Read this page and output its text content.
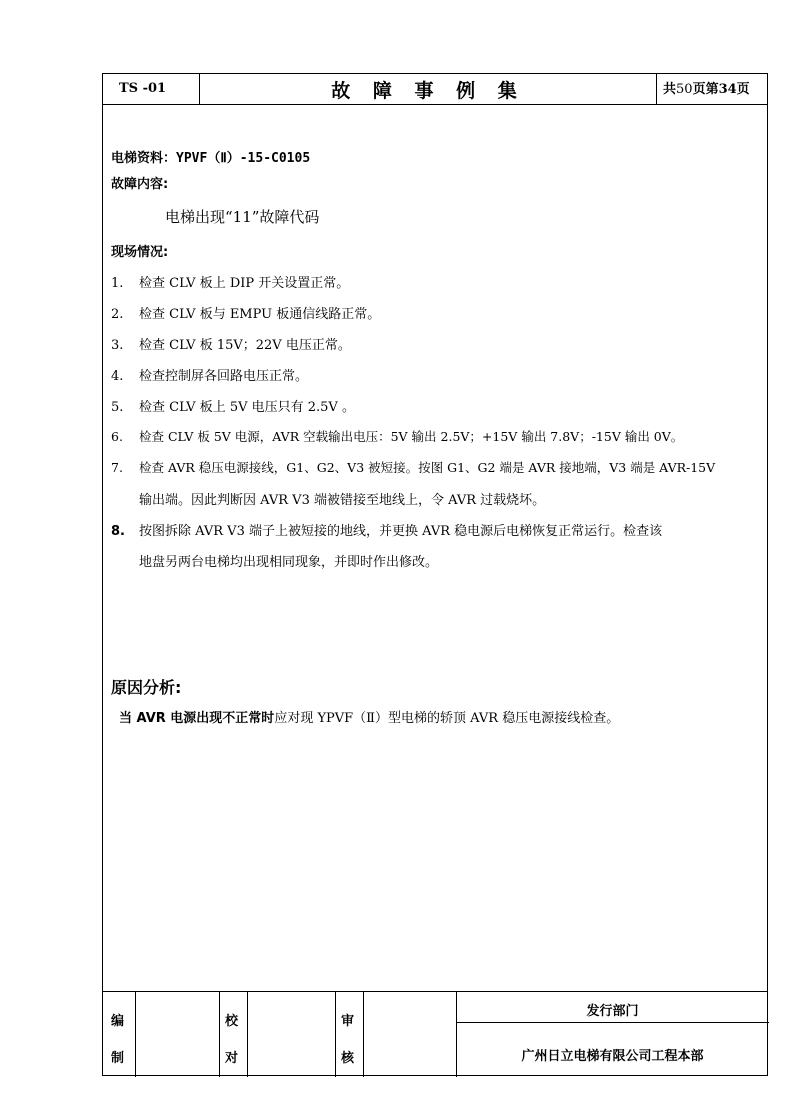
TS -01	故 障 事 例 集	共50页第34页
电梯资料：YPVF（Ⅱ）-15-C0105
故障内容:
电梯出现“11”故障代码
现场情况:
1. 检查 CLV 板上 DIP 开关设置正常。
2. 检查 CLV 板与 EMPU 板通信线路正常。
3. 检查 CLV 板 15V；22V 电压正常。
4. 检查控制屏各回路电压正常。
5. 检查 CLV 板上 5V 电压只有 2.5V 。
6. 检查 CLV 板 5V 电源，AVR 空载输出电压：5V 输出 2.5V；+15V 输出 7.8V；-15V 输出 0V。
7. 检查 AVR 稳压电源接线，G1、G2、V3 被短接。按图 G1、G2 端是 AVR 接地端，V3 端是 AVR-15V
输出端。因此判断因 AVR V3 端被错接至地线上，令 AVR 过载烧坏。
8. 按图拆除 AVR V3 端子上被短接的地线，并更换 AVR 稳电源后电梯恢复正常运行。检查该
地盘另两台电梯均出现相同现象，并即时作出修改。
原因分析:
当 AVR 电源出现不正常时应对现 YPVF（Ⅱ）型电梯的轿顶 AVR 稳压电源接线检查。
编
制
校
对
审
核
发行部门
广州日立电梯有限公司工程本部
